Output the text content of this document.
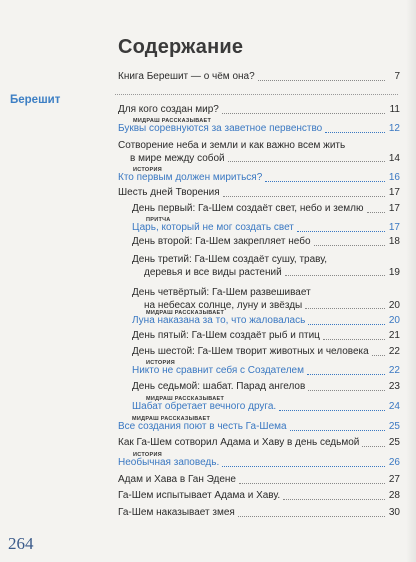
Содержание
Берешит
Книга Берешит — о чём она?	7
Для кого создан мир?	11
МИДРАШ РАССКАЗЫВАЕТ
Буквы соревнуются за заветное первенство	12
Сотворение неба и земли и как важно всем жить
в мире между собой	14
ИСТОРИЯ
Кто первым должен мириться?	16
Шесть дней Творения	17
День первый: Га-Шем создаёт свет, небо и землю	17
ПРИТЧА
Царь, который не мог создать свет	17
День второй: Га-Шем закрепляет небо	18
День третий: Га-Шем создаёт сушу, траву,
деревья и все виды растений	19
День четвёртый: Га-Шем развешивает
на небесах солнце, луну и звёзды	20
МИДРАШ РАССКАЗЫВАЕТ
Луна наказана за то, что жаловалась	20
День пятый: Га-Шем создаёт рыб и птиц	21
День шестой: Га-Шем творит животных и человека 22
ИСТОРИЯ
Никто не сравнит себя с Создателем	22
День седьмой: шабат. Парад ангелов	23
МИДРАШ РАССКАЗЫВАЕТ
Шабат обретает вечного друга.	24
МИДРАШ РАССКАЗЫВАЕТ
Все создания поют в честь Га-Шема	25
Как Га-Шем сотворил Адама и Хаву в день седьмой	25
ИСТОРИЯ
Необычная заповедь.	26
Адам и Хава в Ган Эдене	27
Га-Шем испытывает Адама и Хаву.	28
Га-Шем наказывает змея	30
264
